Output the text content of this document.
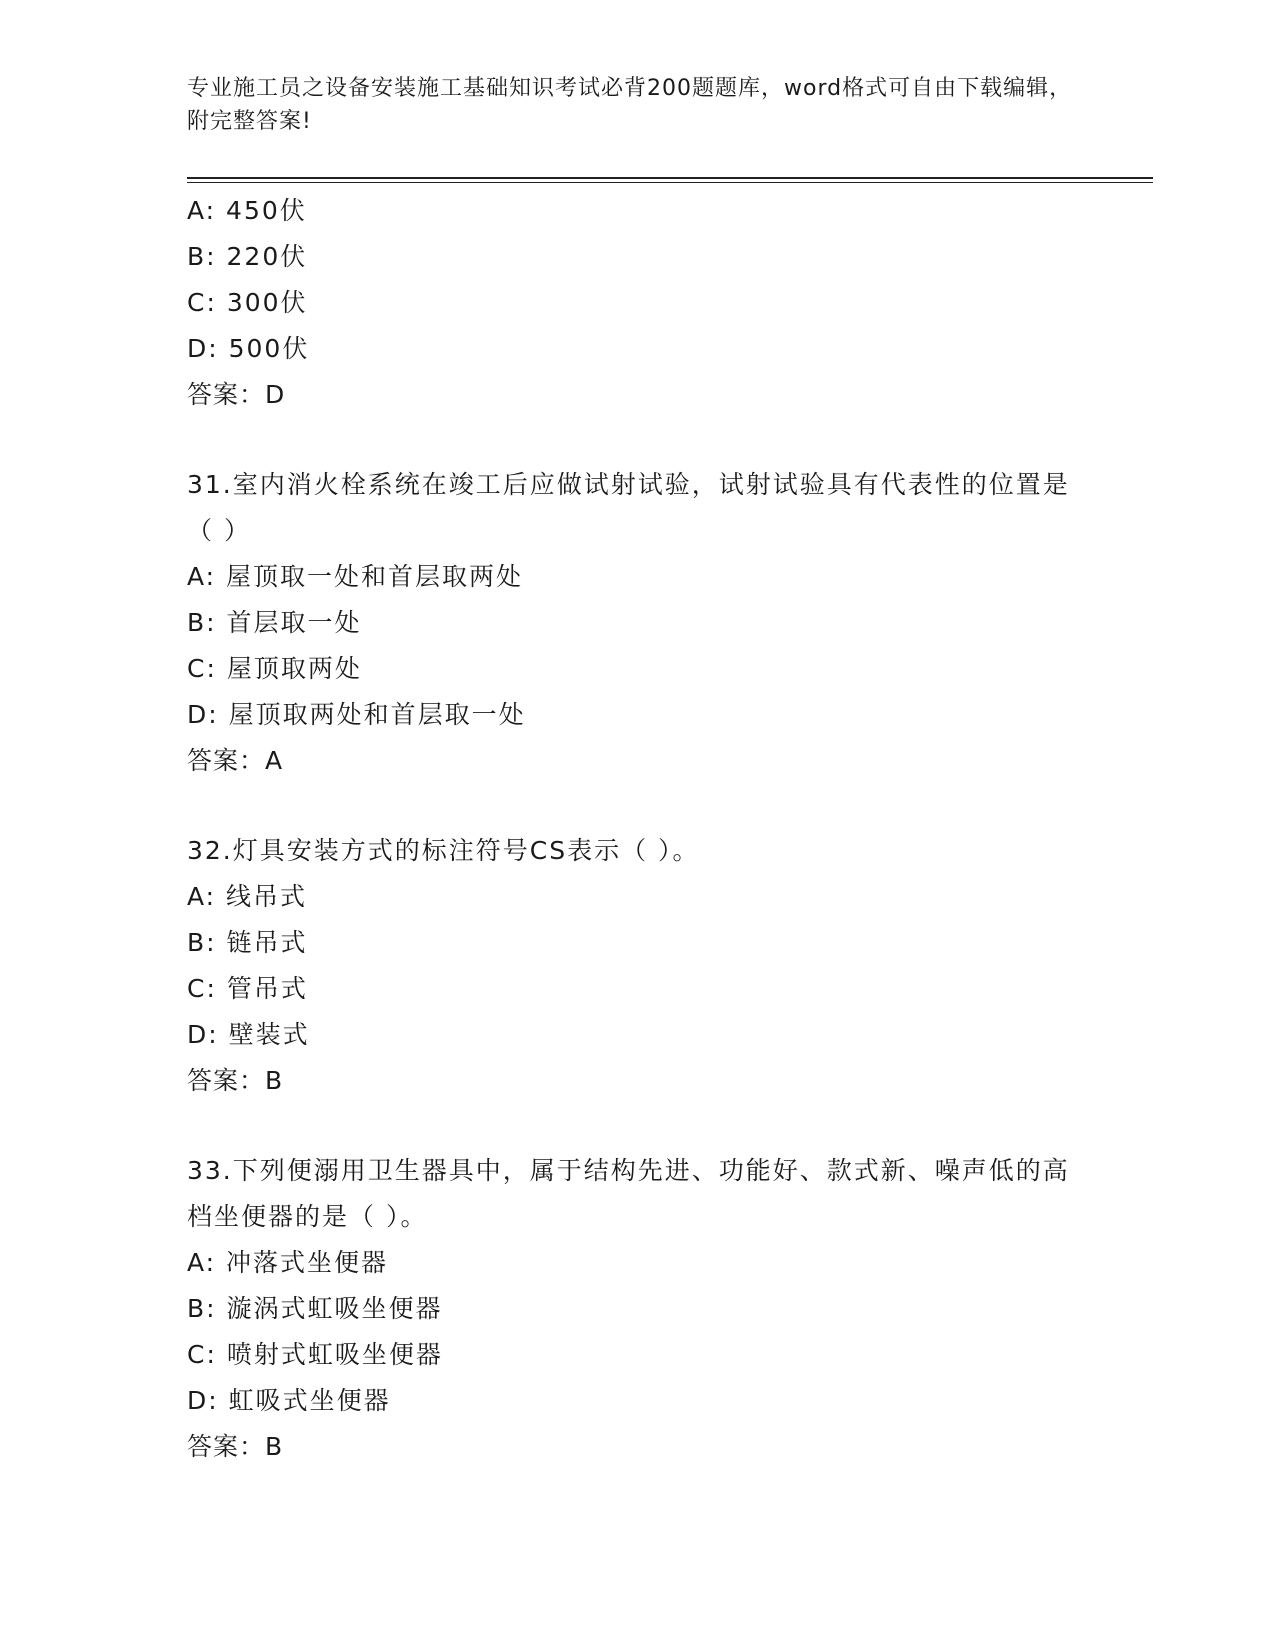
专业施工员之设备安装施工基础知识考试必背200题题库，word格式可自由下载编辑，附完整答案!
A: 450伏
B: 220伏
C: 300伏
D: 500伏
答案：D
31.室内消火栓系统在竣工后应做试射试验，试射试验具有代表性的位置是（ ）
A: 屋顶取一处和首层取两处
B: 首层取一处
C: 屋顶取两处
D: 屋顶取两处和首层取一处
答案：A
32.灯具安装方式的标注符号CS表示（ ）。
A: 线吊式
B: 链吊式
C: 管吊式
D: 壁装式
答案：B
33.下列便溺用卫生器具中，属于结构先进、功能好、款式新、噪声低的高档坐便器的是（ ）。
A: 冲落式坐便器
B: 漩涡式虹吸坐便器
C: 喷射式虹吸坐便器
D: 虹吸式坐便器
答案：B
